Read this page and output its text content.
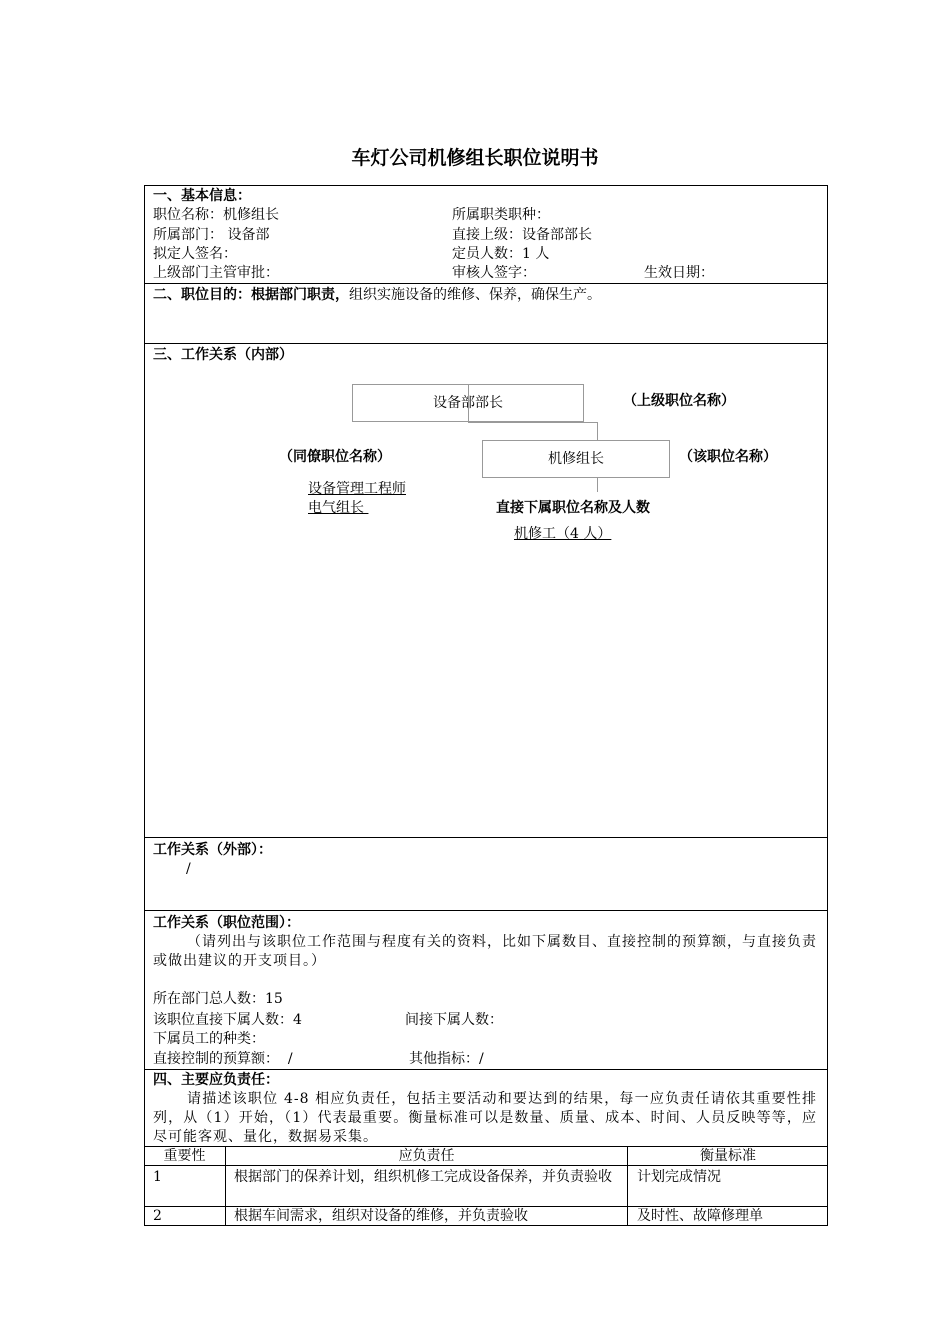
车灯公司机修组长职位说明书
一、基本信息：
职位名称：机修组长	所属职类职种：
所属部门： 设备部	直接上级：设备部部长
拟定人签名：	定员人数：1 人
上级部门主管审批：	审核人签字：	生效日期：
二、职位目的：根据部门职责，组织实施设备的维修、保养，确保生产。
三、工作关系（内部）
设备部部长	（上级职位名称）
机修组长
（同僚职位名称）	（该职位名称）
设备管理工程师
电气组长	直接下属职位名称及人数
机修工（4 人）
工作关系（外部）：
/
工作关系（职位范围）：
（请列出与该职位工作范围与程度有关的资料，比如下属数目、直接控制的预算额，与直接负责或做出建议的开支项目。）
所在部门总人数：15
该职位直接下属人数：4	间接下属人数：
下属员工的种类：
直接控制的预算额：  /	其他指标：/
四、主要应负责任：
请描述该职位 4-8 相应负责任，包括主要活动和要达到的结果，每一应负责任请依其重要性排列，从（1）开始，（1）代表最重要。衡量标准可以是数量、质量、成本、时间、人员反映等等，应尽可能客观、量化，数据易采集。
重要性	应负责任	衡量标准
1	根据部门的保养计划，组织机修工完成设备保养，并负责验收	计划完成情况
2	根据车间需求，组织对设备的维修，并负责验收	及时性、故障修理单
